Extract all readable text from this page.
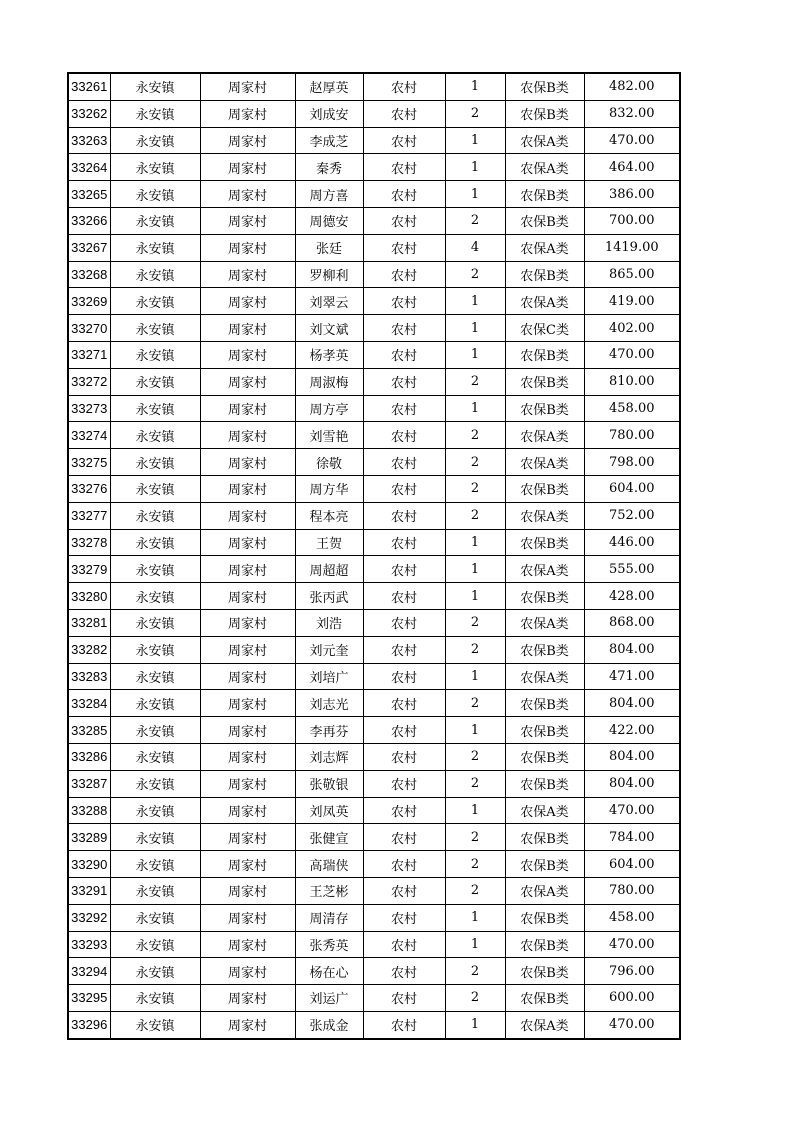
33261	永安镇	周家村	赵厚英	农村	1	农保B类	482.00
33262	永安镇	周家村	刘成安	农村	2	农保B类	832.00
33263	永安镇	周家村	李成芝	农村	1	农保A类	470.00
33264	永安镇	周家村	秦秀	农村	1	农保A类	464.00
33265	永安镇	周家村	周方喜	农村	1	农保B类	386.00
33266	永安镇	周家村	周德安	农村	2	农保B类	700.00
33267	永安镇	周家村	张廷	农村	4	农保A类	1419.00
33268	永安镇	周家村	罗柳利	农村	2	农保B类	865.00
33269	永安镇	周家村	刘翠云	农村	1	农保A类	419.00
33270	永安镇	周家村	刘文斌	农村	1	农保C类	402.00
33271	永安镇	周家村	杨孝英	农村	1	农保B类	470.00
33272	永安镇	周家村	周淑梅	农村	2	农保B类	810.00
33273	永安镇	周家村	周方亭	农村	1	农保B类	458.00
33274	永安镇	周家村	刘雪艳	农村	2	农保A类	780.00
33275	永安镇	周家村	徐敬	农村	2	农保A类	798.00
33276	永安镇	周家村	周方华	农村	2	农保B类	604.00
33277	永安镇	周家村	程本亮	农村	2	农保A类	752.00
33278	永安镇	周家村	王贺	农村	1	农保B类	446.00
33279	永安镇	周家村	周超超	农村	1	农保A类	555.00
33280	永安镇	周家村	张丙武	农村	1	农保B类	428.00
33281	永安镇	周家村	刘浩	农村	2	农保A类	868.00
33282	永安镇	周家村	刘元奎	农村	2	农保B类	804.00
33283	永安镇	周家村	刘培广	农村	1	农保A类	471.00
33284	永安镇	周家村	刘志光	农村	2	农保B类	804.00
33285	永安镇	周家村	李再芬	农村	1	农保B类	422.00
33286	永安镇	周家村	刘志辉	农村	2	农保B类	804.00
33287	永安镇	周家村	张敬银	农村	2	农保B类	804.00
33288	永安镇	周家村	刘凤英	农村	1	农保A类	470.00
33289	永安镇	周家村	张健宣	农村	2	农保B类	784.00
33290	永安镇	周家村	高瑞侠	农村	2	农保B类	604.00
33291	永安镇	周家村	王芝彬	农村	2	农保A类	780.00
33292	永安镇	周家村	周清存	农村	1	农保B类	458.00
33293	永安镇	周家村	张秀英	农村	1	农保B类	470.00
33294	永安镇	周家村	杨在心	农村	2	农保B类	796.00
33295	永安镇	周家村	刘运广	农村	2	农保B类	600.00
33296	永安镇	周家村	张成金	农村	1	农保A类	470.00
